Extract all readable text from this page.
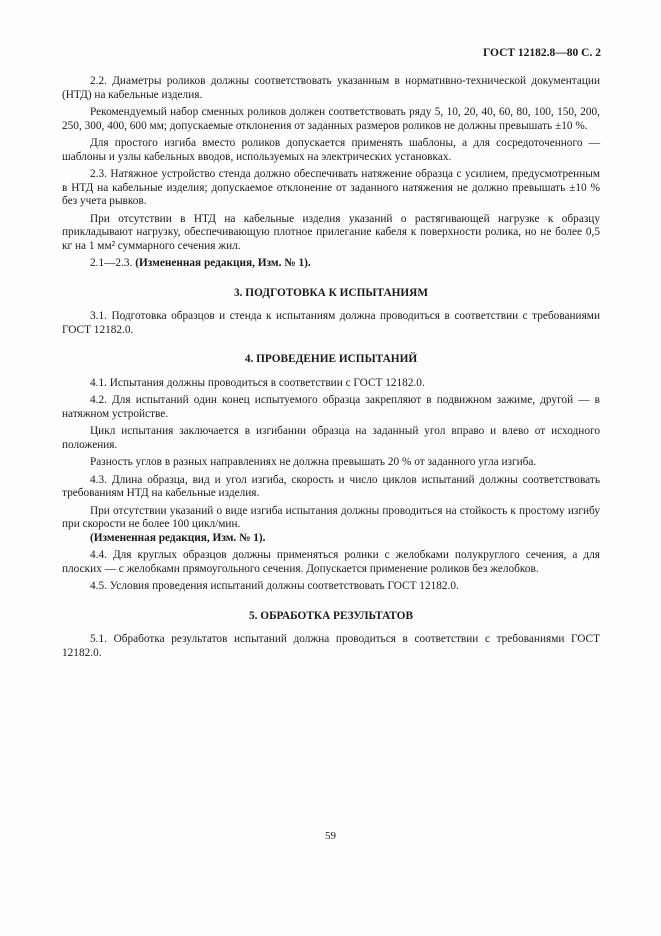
ГОСТ 12182.8—80 С. 2

2.2. Диаметры роликов должны соответствовать указанным в нормативно-технической документации (НТД) на кабельные изделия.

Рекомендуемый набор сменных роликов должен соответствовать ряду 5, 10, 20, 40, 60, 80, 100, 150, 200, 250, 300, 400, 600 мм; допускаемые отклонения от заданных размеров роликов не должны превышать ±10 %.

Для простого изгиба вместо роликов допускается применять шаблоны, а для сосредоточенного — шаблоны и узлы кабельных вводов, используемых на электрических установках.

2.3. Натяжное устройство стенда должно обеспечивать натяжение образца с усилием, предусмотренным в НТД на кабельные изделия; допускаемое отклонение от заданного натяжения не должно превышать ±10 % без учета рывков.

При отсутствии в НТД на кабельные изделия указаний о растягивающей нагрузке к образцу прикладывают нагрузку, обеспечивающую плотное прилегание кабеля к поверхности ролика, но не более 0,5 кг на 1 мм² суммарного сечения жил.

2.1—2.3. (Измененная редакция, Изм. № 1).

3. ПОДГОТОВКА К ИСПЫТАНИЯМ

3.1. Подготовка образцов и стенда к испытаниям должна проводиться в соответствии с требованиями ГОСТ 12182.0.

4. ПРОВЕДЕНИЕ ИСПЫТАНИЙ

4.1. Испытания должны проводиться в соответствии с ГОСТ 12182.0.

4.2. Для испытаний один конец испытуемого образца закрепляют в подвижном зажиме, другой — в натяжном устройстве.

Цикл испытания заключается в изгибании образца на заданный угол вправо и влево от исходного положения.

Разность углов в разных направлениях не должна превышать 20 % от заданного угла изгиба.

4.3. Длина образца, вид и угол изгиба, скорость и число циклов испытаний должны соответствовать требованиям НТД на кабельные изделия.

При отсутствии указаний о виде изгиба испытания должны проводиться на стойкость к простому изгибу при скорости не более 100 цикл/мин.

(Измененная редакция, Изм. № 1).

4.4. Для круглых образцов должны применяться ролики с желобками полукруглого сечения, а для плоских — с желобками прямоугольного сечения. Допускается применение роликов без желобков.

4.5. Условия проведения испытаний должны соответствовать ГОСТ 12182.0.

5. ОБРАБОТКА РЕЗУЛЬТАТОВ

5.1. Обработка результатов испытаний должна проводиться в соответствии с требованиями ГОСТ 12182.0.

59
